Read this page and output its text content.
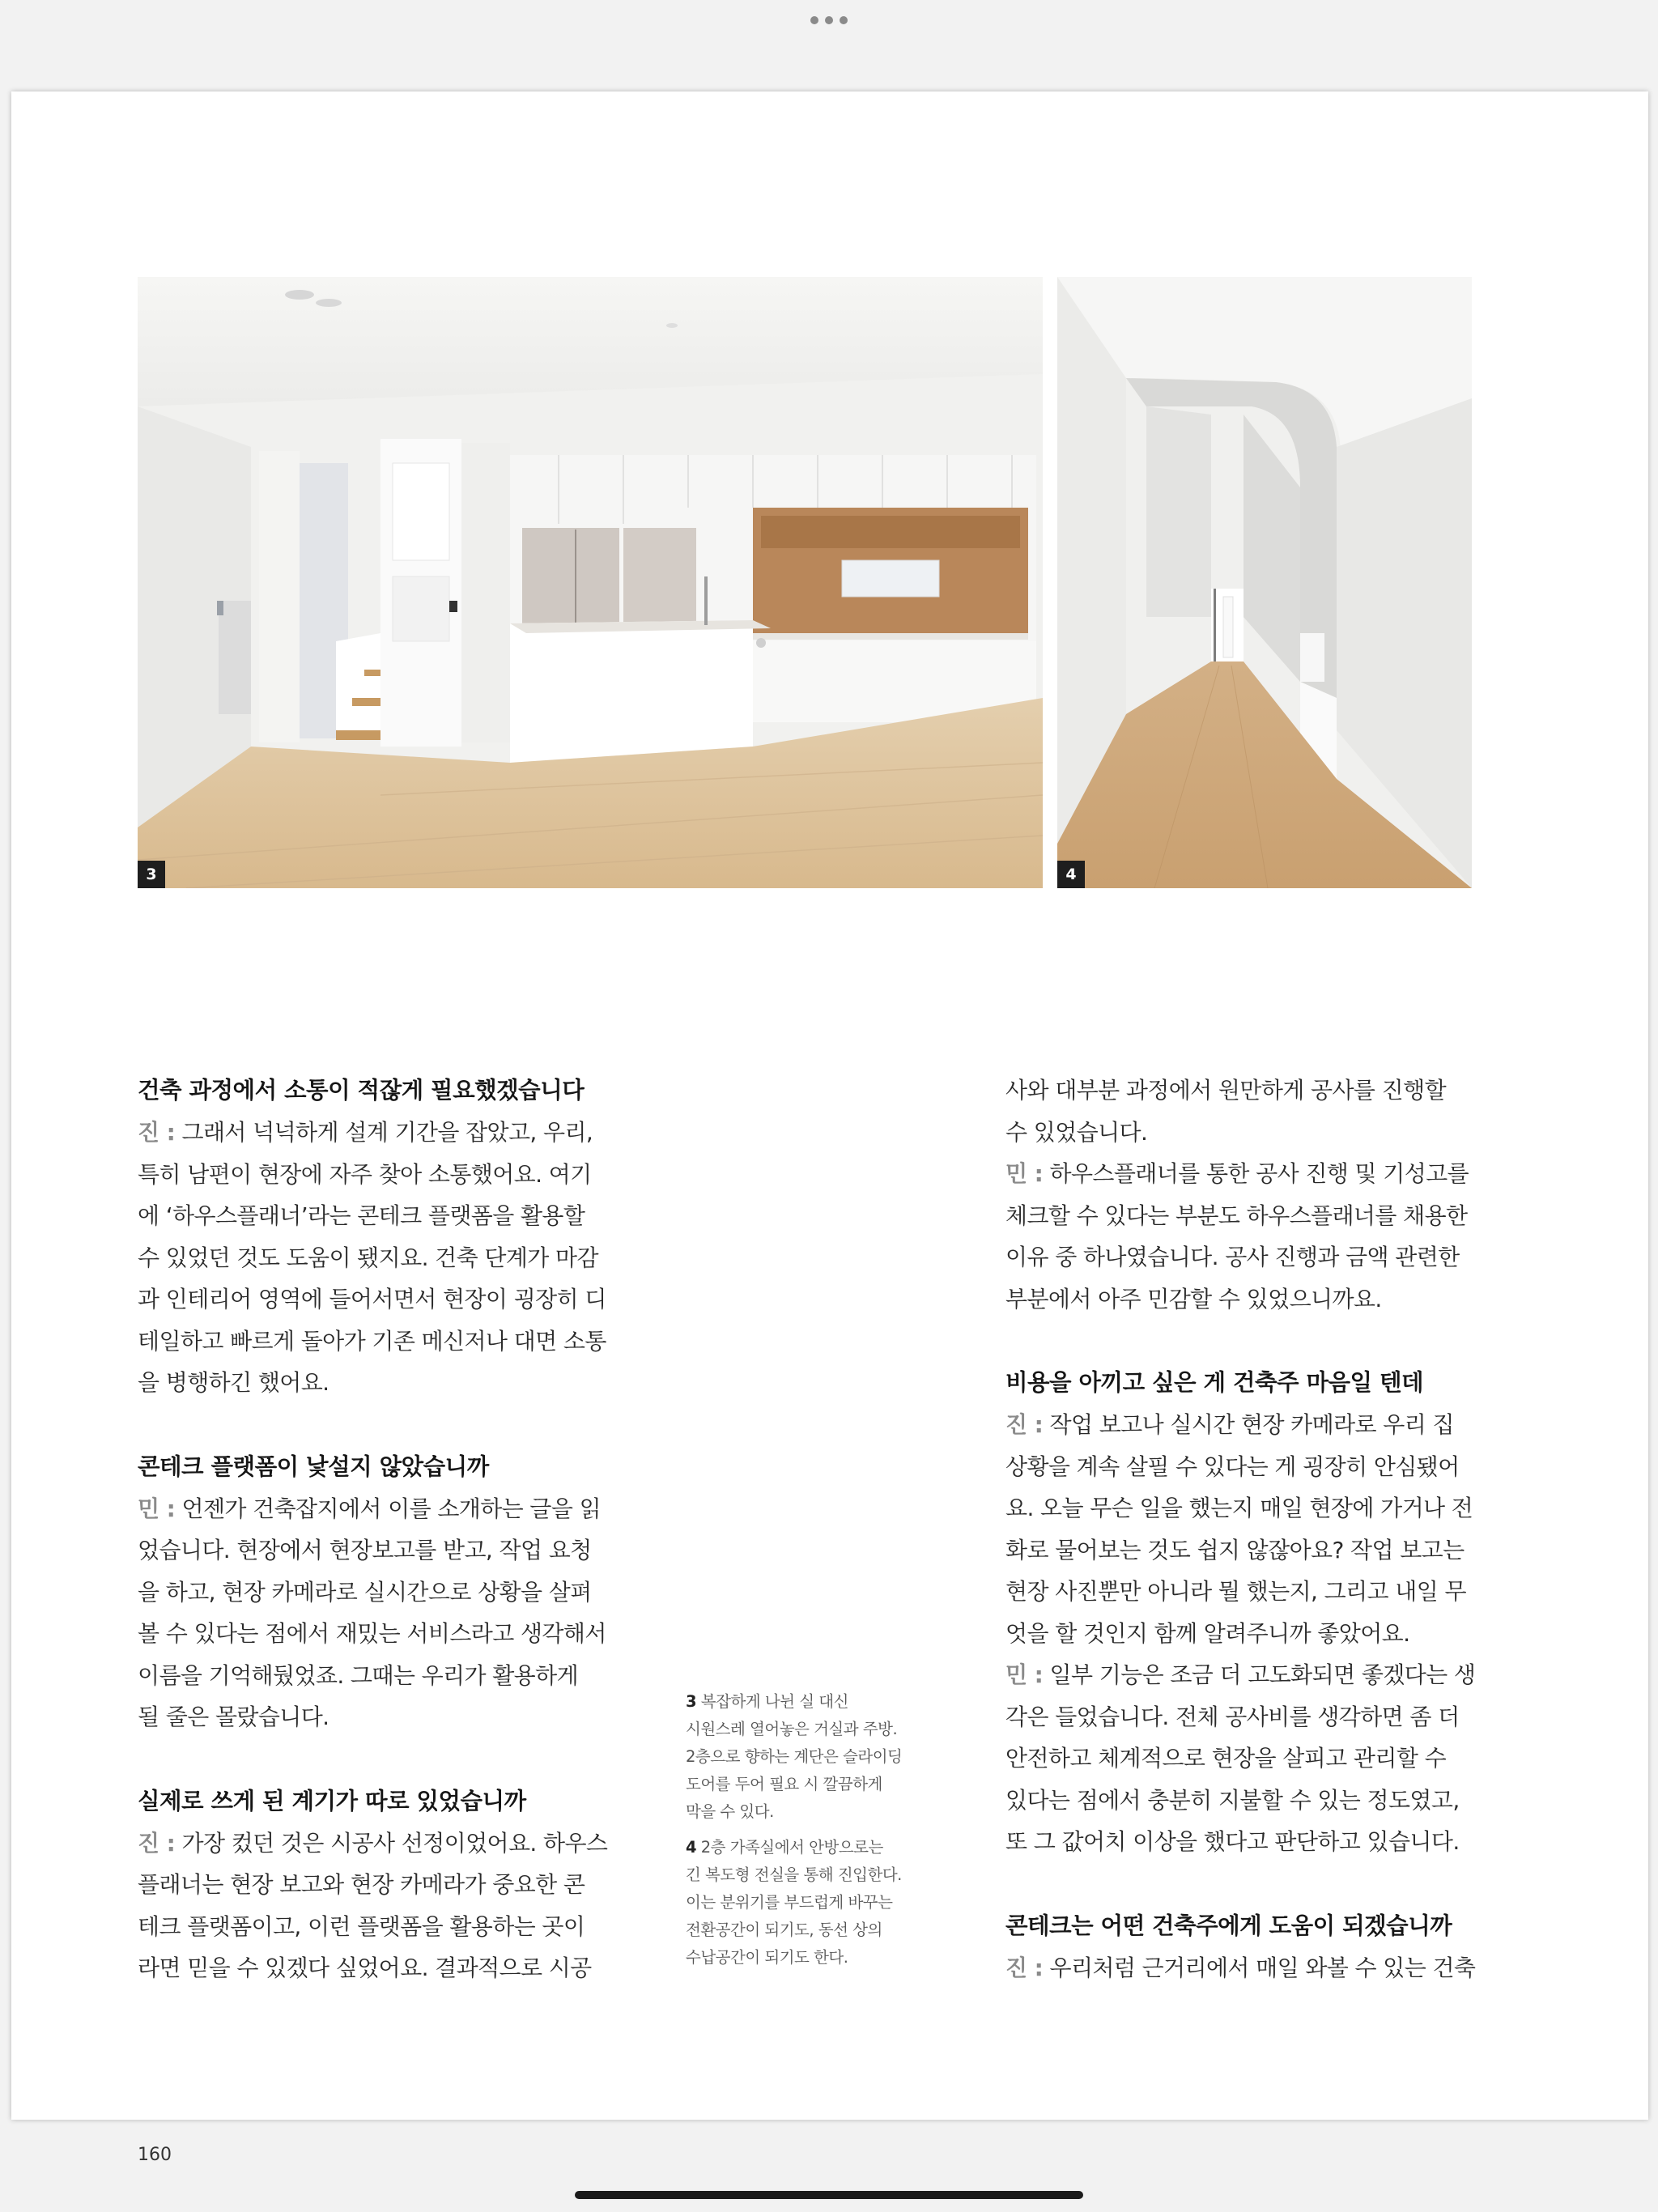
3	4
건축 과정에서 소통이 적잖게 필요했겠습니다
진 : 그래서 넉넉하게 설계 기간을 잡았고, 우리,
특히 남편이 현장에 자주 찾아 소통했어요. 여기
에 ‘하우스플래너’라는 콘테크 플랫폼을 활용할
수 있었던 것도 도움이 됐지요. 건축 단계가 마감
과 인테리어 영역에 들어서면서 현장이 굉장히 디
테일하고 빠르게 돌아가 기존 메신저나 대면 소통
을 병행하긴 했어요.
콘테크 플랫폼이 낯설지 않았습니까
민 : 언젠가 건축잡지에서 이를 소개하는 글을 읽
었습니다. 현장에서 현장보고를 받고, 작업 요청
을 하고, 현장 카메라로 실시간으로 상황을 살펴
볼 수 있다는 점에서 재밌는 서비스라고 생각해서
이름을 기억해뒀었죠. 그때는 우리가 활용하게
될 줄은 몰랐습니다.
실제로 쓰게 된 계기가 따로 있었습니까
진 : 가장 컸던 것은 시공사 선정이었어요. 하우스
플래너는 현장 보고와 현장 카메라가 중요한 콘
테크 플랫폼이고, 이런 플랫폼을 활용하는 곳이
라면 믿을 수 있겠다 싶었어요. 결과적으로 시공
3 복잡하게 나뉜 실 대신
시원스레 열어놓은 거실과 주방.
2층으로 향하는 계단은 슬라이딩
도어를 두어 필요 시 깔끔하게
막을 수 있다.
4 2층 가족실에서 안방으로는
긴 복도형 전실을 통해 진입한다.
이는 분위기를 부드럽게 바꾸는
전환공간이 되기도, 동선 상의
수납공간이 되기도 한다.
사와 대부분 과정에서 원만하게 공사를 진행할
수 있었습니다.
민 : 하우스플래너를 통한 공사 진행 및 기성고를
체크할 수 있다는 부분도 하우스플래너를 채용한
이유 중 하나였습니다. 공사 진행과 금액 관련한
부분에서 아주 민감할 수 있었으니까요.
비용을 아끼고 싶은 게 건축주 마음일 텐데
진 : 작업 보고나 실시간 현장 카메라로 우리 집
상황을 계속 살필 수 있다는 게 굉장히 안심됐어
요. 오늘 무슨 일을 했는지 매일 현장에 가거나 전
화로 물어보는 것도 쉽지 않잖아요? 작업 보고는
현장 사진뿐만 아니라 뭘 했는지, 그리고 내일 무
엇을 할 것인지 함께 알려주니까 좋았어요.
민 : 일부 기능은 조금 더 고도화되면 좋겠다는 생
각은 들었습니다. 전체 공사비를 생각하면 좀 더
안전하고 체계적으로 현장을 살피고 관리할 수
있다는 점에서 충분히 지불할 수 있는 정도였고,
또 그 값어치 이상을 했다고 판단하고 있습니다.
콘테크는 어떤 건축주에게 도움이 되겠습니까
진 : 우리처럼 근거리에서 매일 와볼 수 있는 건축
160
